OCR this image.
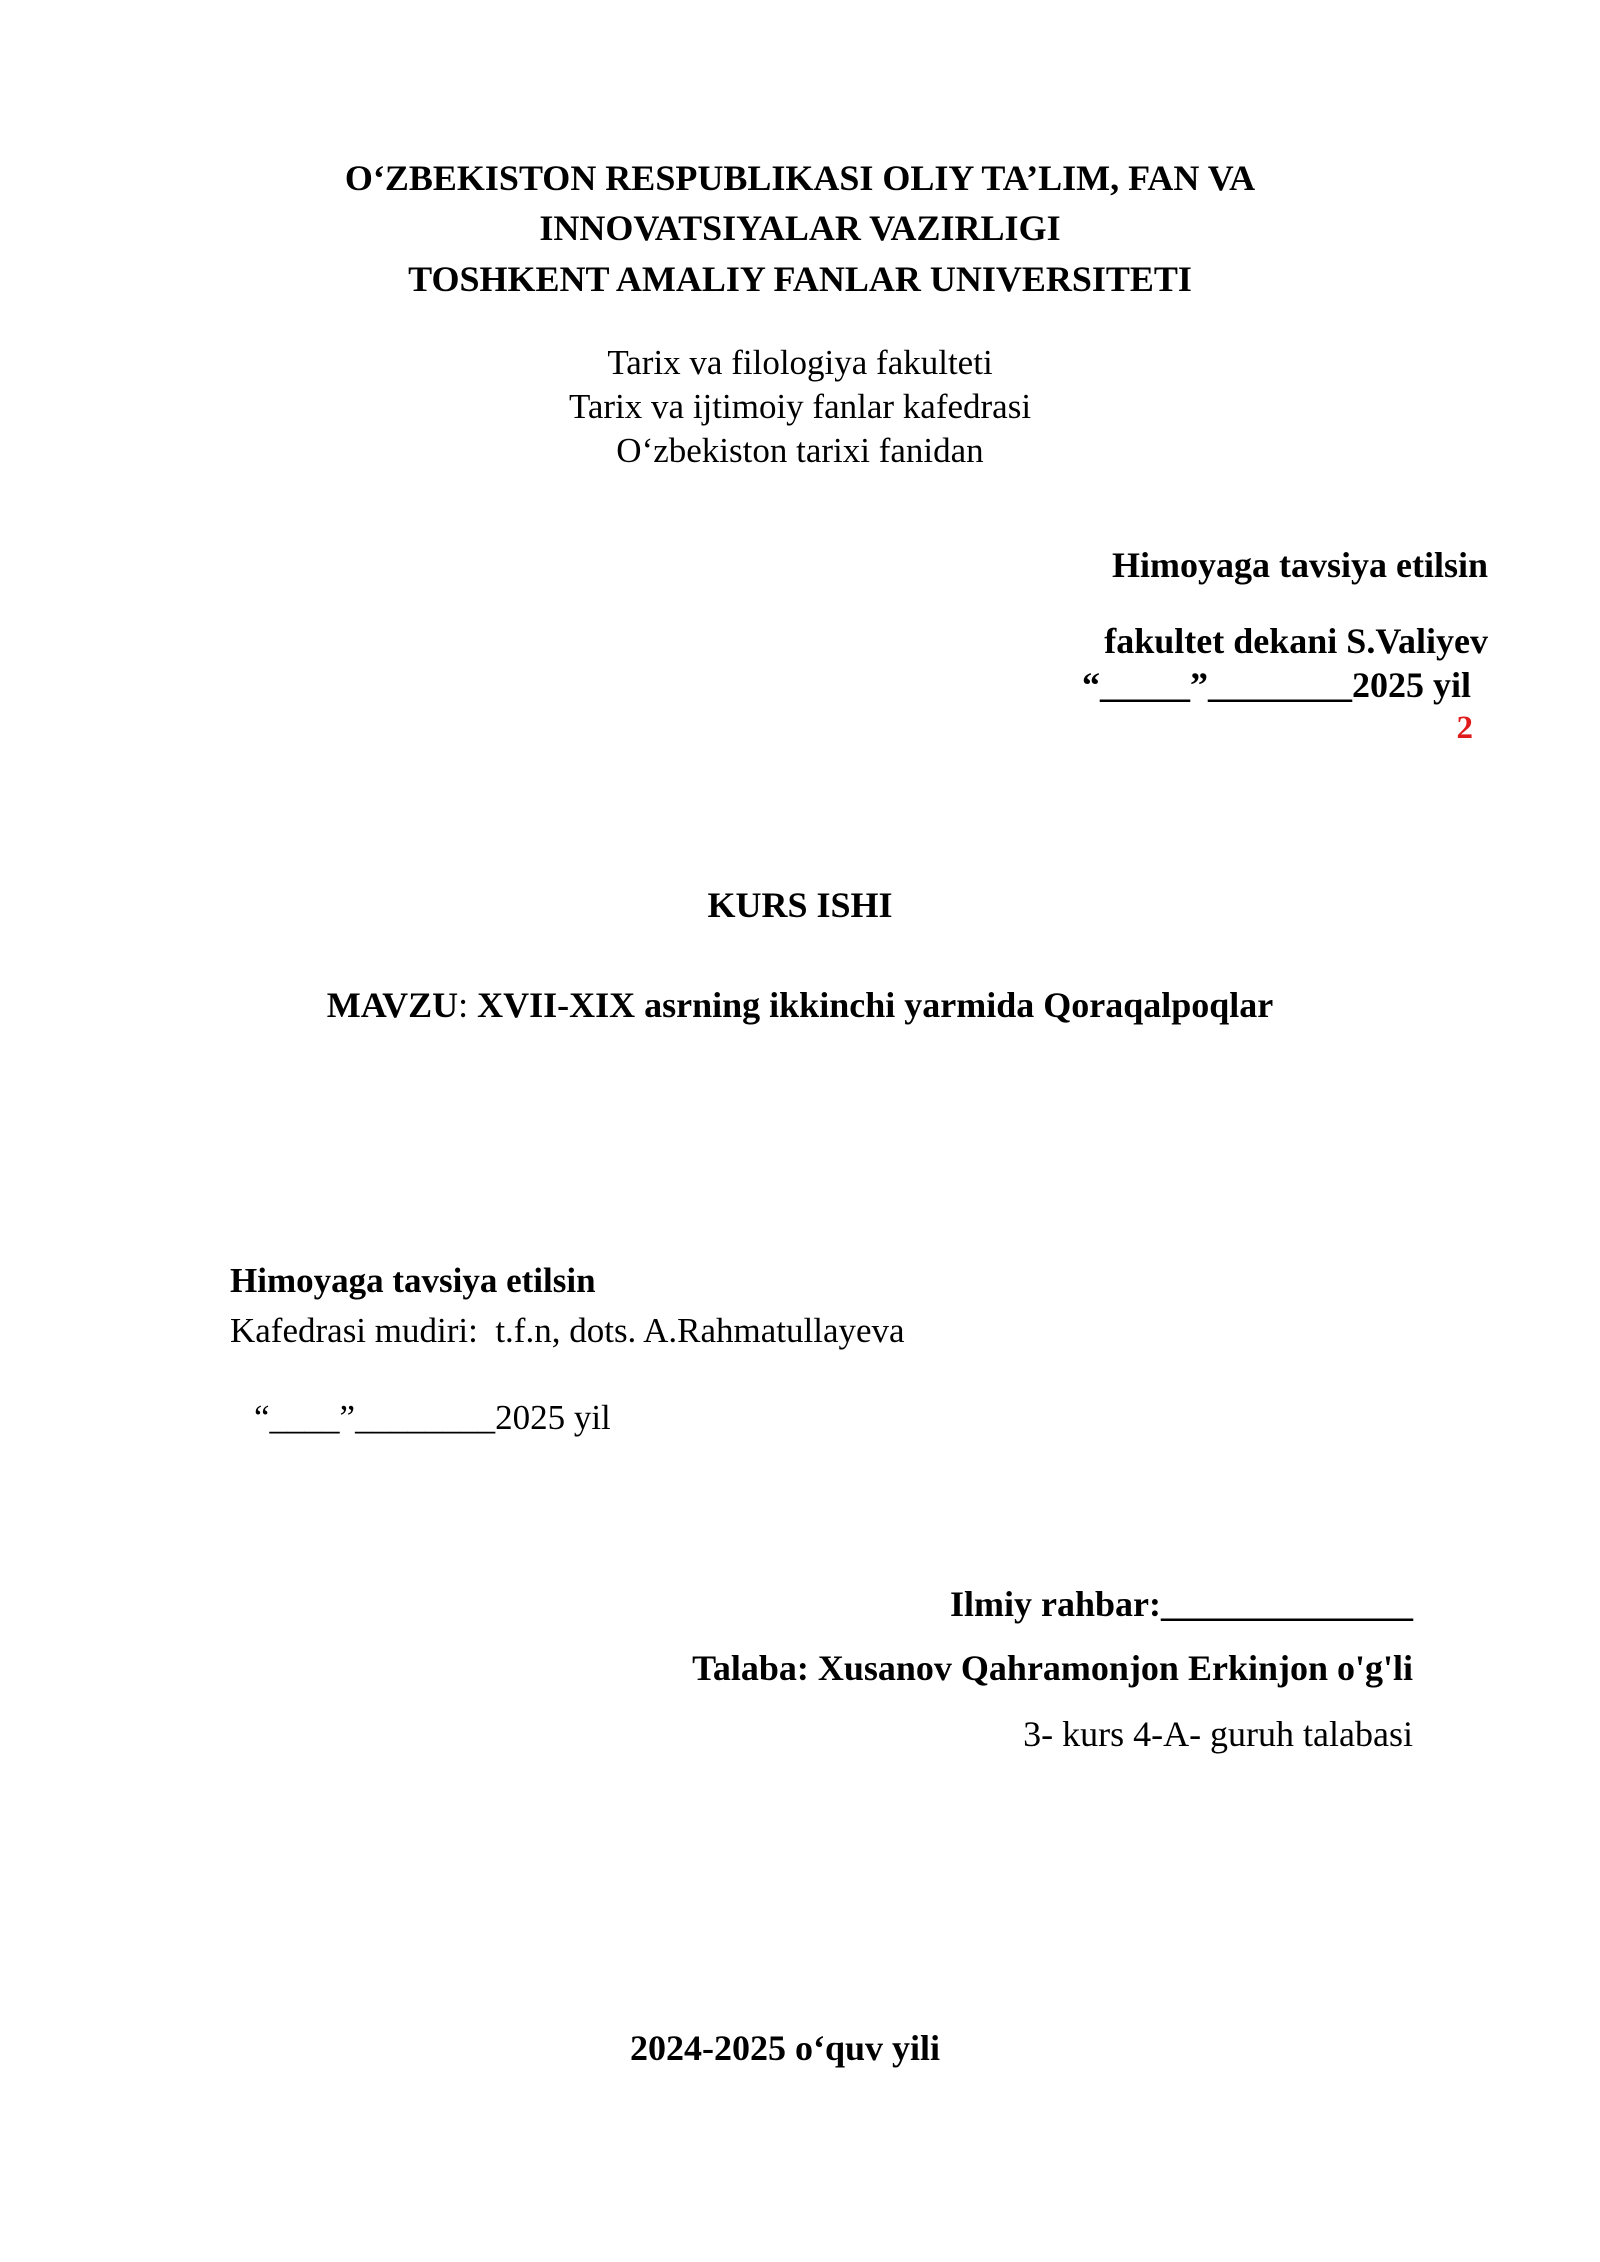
O‘ZBEKISTON RESPUBLIKASI OLIY TA’LIM, FAN VA
INNOVATSIYALAR VAZIRLIGI
TOSHKENT AMALIY FANLAR UNIVERSITETI
Tarix va filologiya fakulteti
Tarix va ijtimoiy fanlar kafedrasi
O‘zbekiston tarixi fanidan
Himoyaga tavsiya etilsin
fakultet dekani S.Valiyev
“_____”________2025 yil
2
KURS ISHI
MAVZU: XVII-XIX asrning ikkinchi yarmida Qoraqalpoqlar
Himoyaga tavsiya etilsin
Kafedrasi mudiri:  t.f.n, dots. A.Rahmatullayeva
“____”________2025 yil
Ilmiy rahbar:______________
Talaba: Xusanov Qahramonjon Erkinjon o'g'li
3- kurs 4-A- guruh talabasi
2024-2025 o‘quv yili
